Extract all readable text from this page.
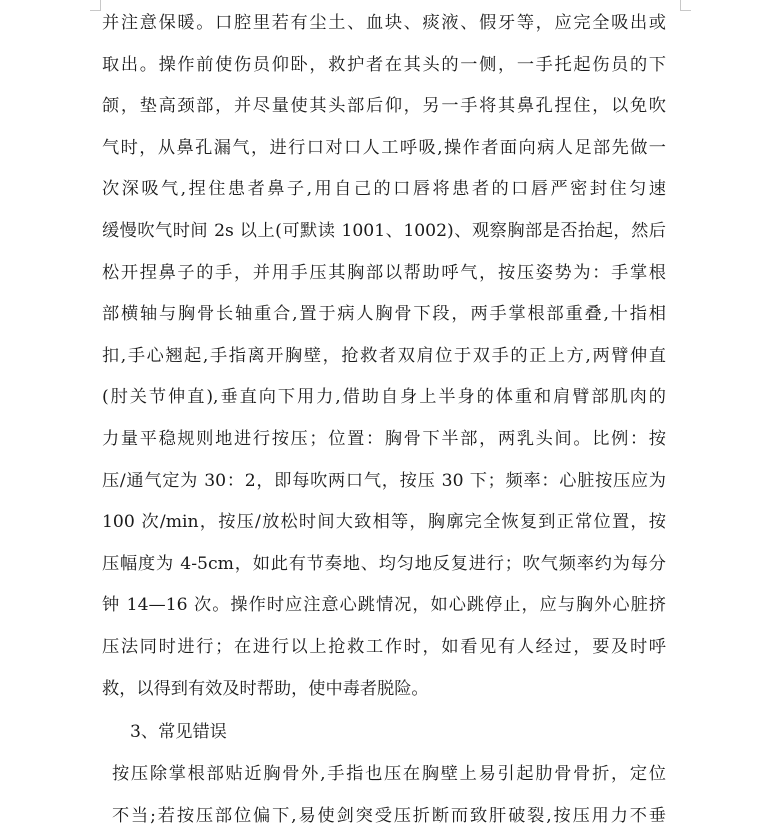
并注意保暖。口腔里若有尘土、血块、痰液、假牙等，应完全吸出或
取出。操作前使伤员仰卧，救护者在其头的一侧，一手托起伤员的下
颌，垫高颈部，并尽量使其头部后仰，另一手将其鼻孔捏住，以免吹
气时，从鼻孔漏气，进行口对口人工呼吸,操作者面向病人足部先做一
次深吸气,捏住患者鼻子,用自己的口唇将患者的口唇严密封住匀速
缓慢吹气时间 2s 以上(可默读 1001、1002)、观察胸部是否抬起，然后
松开捏鼻子的手，并用手压其胸部以帮助呼气，按压姿势为：手掌根
部横轴与胸骨长轴重合,置于病人胸骨下段，两手掌根部重叠,十指相
扣,手心翘起,手指离开胸壁，抢救者双肩位于双手的正上方,两臂伸直
(肘关节伸直),垂直向下用力,借助自身上半身的体重和肩臂部肌肉的
力量平稳规则地进行按压；位置：胸骨下半部，两乳头间。比例：按
压/通气定为 30：2，即每吹两口气，按压 30 下；频率：心脏按压应为
100 次/min，按压/放松时间大致相等，胸廓完全恢复到正常位置，按
压幅度为 4-5cm，如此有节奏地、均匀地反复进行；吹气频率约为每分
钟 14—16 次。操作时应注意心跳情况，如心跳停止，应与胸外心脏挤
压法同时进行；在进行以上抢救工作时，如看见有人经过，要及时呼
救，以得到有效及时帮助，使中毒者脱险。

3、常见错误

按压除掌根部贴近胸骨外,手指也压在胸壁上易引起肋骨骨折，定位
不当;若按压部位偏下,易使剑突受压折断而致肝破裂,按压用力不垂
